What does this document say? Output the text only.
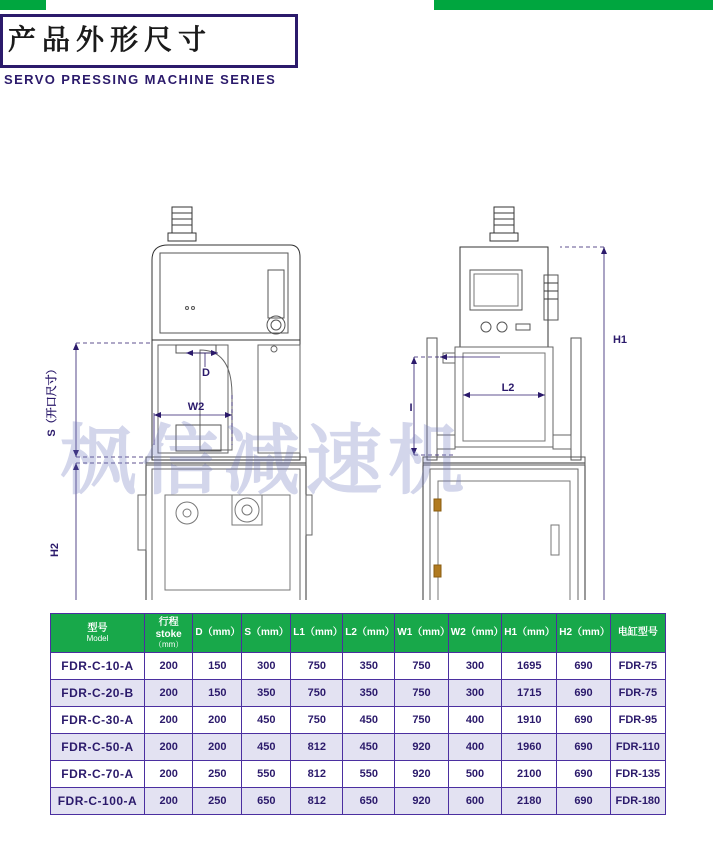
产品外形尺寸
SERVO PRESSING MACHINE SERIES
S（开口尺寸）
H2
W2
D
I
L2
H1
枫信减速机
型号
Model	行程 stoke
（mm）	D（mm）	S（mm）	L1（mm）	L2（mm）	W1（mm）	W2（mm）	H1（mm）	H2（mm）	电缸型号
FDR-C-10-A	200	150	300	750	350	750	300	1695	690	FDR-75
FDR-C-20-B	200	150	350	750	350	750	300	1715	690	FDR-75
FDR-C-30-A	200	200	450	750	450	750	400	1910	690	FDR-95
FDR-C-50-A	200	200	450	812	450	920	400	1960	690	FDR-110
FDR-C-70-A	200	250	550	812	550	920	500	2100	690	FDR-135
FDR-C-100-A	200	250	650	812	650	920	600	2180	690	FDR-180
